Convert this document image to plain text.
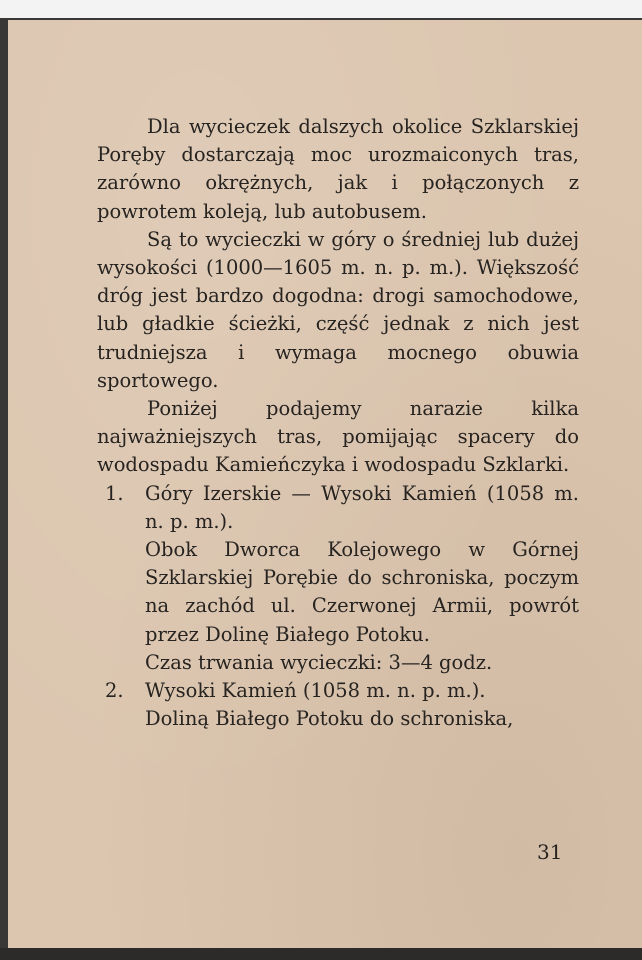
Dla wycieczek dalszych okolice Szklarskiej Poręby dostarczają moc urozmaiconych tras, zarówno okrężnych, jak i połączonych z powrotem koleją, lub autobusem.

Są to wycieczki w góry o średniej lub dużej wysokości (1000—1605 m. n. p. m.). Większość dróg jest bardzo dogodna: drogi samochodowe, lub gładkie ścieżki, część jednak z nich jest trudniejsza i wymaga mocnego obuwia sportowego.

Poniżej podajemy narazie kilka najważniejszych tras, pomijając spacery do wodospadu Kamieńczyka i wodospadu Szklarki.

1. Góry Izerskie — Wysoki Kamień (1058 m. n. p. m.).

Obok Dworca Kolejowego w Górnej Szklarskiej Porębie do schroniska, poczym na zachód ul. Czerwonej Armii, powrót przez Dolinę Białego Potoku.

Czas trwania wycieczki: 3—4 godz.

2. Wysoki Kamień (1058 m. n. p. m.).

Doliną Białego Potoku do schroniska,

31
